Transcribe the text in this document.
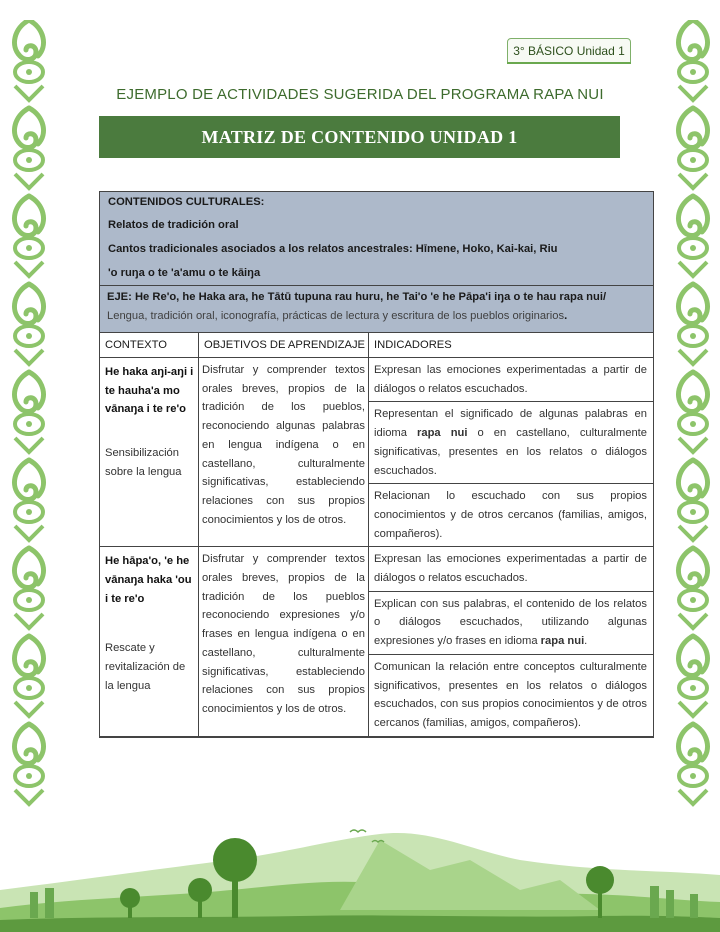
3° BÁSICO Unidad 1
EJEMPLO DE ACTIVIDADES SUGERIDA DEL PROGRAMA RAPA NUI
MATRIZ DE CONTENIDO UNIDAD 1
CONTENIDOS CULTURALES:
Relatos de tradición oral
Cantos tradicionales asociados a los relatos ancestrales: Hīmene, Hoko, Kai-kai, Riu
'o ruŋa o te 'a'amu o te kāiŋa
EJE: He Re'o, he Haka ara, he Tātū tupuna rau huru, he Tai'o 'e he Pāpa'i iŋa o te hau rapa nui/ Lengua, tradición oral, iconografía, prácticas de lectura y escritura de los pueblos originarios.
CONTEXTO	OBJETIVOS DE APRENDIZAJE INDICADORES
He haka aŋi-aŋi i te hauha'a mo vānaŋa i te re'o
Sensibilización sobre la lengua
Disfrutar y comprender textos orales breves, propios de la tradición de los pueblos, reconociendo algunas palabras en lengua indígena o en castellano, culturalmente significativas, estableciendo relaciones con sus propios conocimientos y los de otros.
Expresan las emociones experimentadas a partir de diálogos o relatos escuchados.
Representan el significado de algunas palabras en idioma rapa nui o en castellano, culturalmente significativas, presentes en los relatos o diálogos escuchados.
Relacionan lo escuchado con sus propios conocimientos y de otros cercanos (familias, amigos, compañeros).
He hāpa'o, 'e he vānaŋa haka 'ou i te re'o
Rescate y revitalización de la lengua
Disfrutar y comprender textos orales breves, propios de la tradición de los pueblos reconociendo expresiones y/o frases en lengua indígena o en castellano, culturalmente significativas, estableciendo relaciones con sus propios conocimientos y los de otros.
Expresan las emociones experimentadas a partir de diálogos o relatos escuchados.
Explican con sus palabras, el contenido de los relatos o diálogos escuchados, utilizando algunas expresiones y/o frases en idioma rapa nui.
Comunican la relación entre conceptos culturalmente significativos, presentes en los relatos o diálogos escuchados, con sus propios conocimientos y de otros cercanos (familias, amigos, compañeros).
